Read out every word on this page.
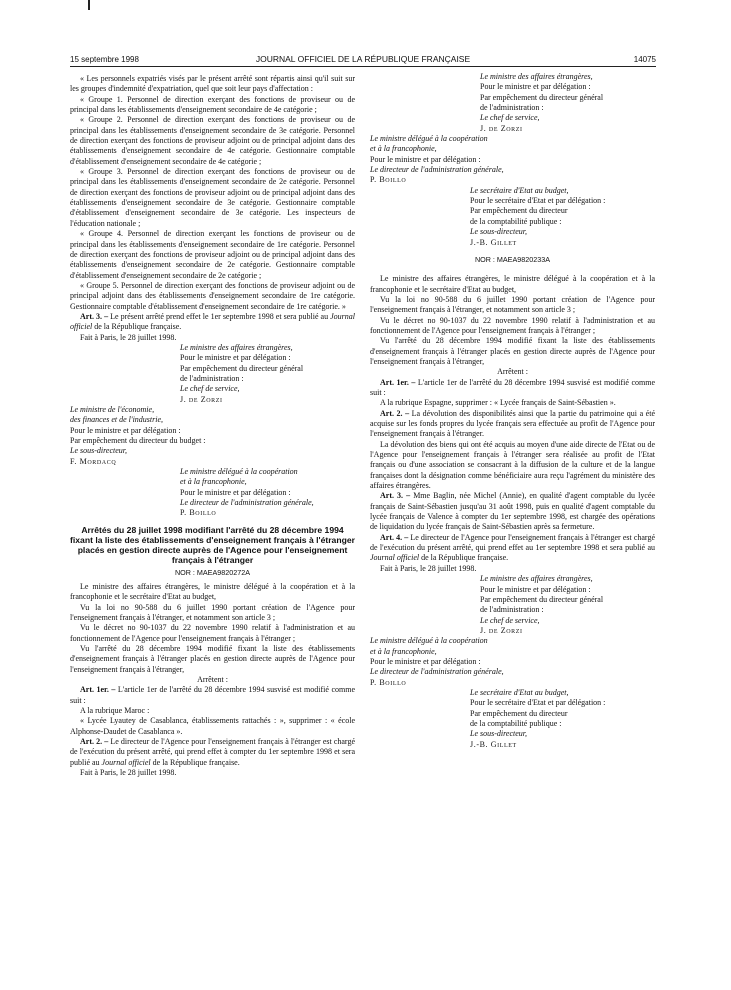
15 septembre 1998	JOURNAL OFFICIEL DE LA RÉPUBLIQUE FRANÇAISE	14075

« Les personnels expatriés visés par le présent arrêté sont répartis ainsi qu'il suit sur les groupes d'indemnité d'expatriation, quel que soit leur pays d'affectation :

« Groupe 1. Personnel de direction exerçant des fonctions de proviseur ou de principal dans les établissements d'enseignement secondaire de 4e catégorie ;

« Groupe 2. Personnel de direction exerçant des fonctions de proviseur ou de principal dans les établissements d'enseignement secondaire de 3e catégorie. Personnel de direction exerçant des fonctions de proviseur adjoint ou de principal adjoint dans des établissements d'enseignement secondaire de 4e catégorie. Gestionnaire comptable d'établissement d'enseignement secondaire de 4e catégorie ;

« Groupe 3. Personnel de direction exerçant des fonctions de proviseur ou de principal dans les établissements d'enseignement secondaire de 2e catégorie. Personnel de direction exerçant des fonctions de proviseur adjoint ou de principal adjoint dans des établissements d'enseignement secondaire de 3e catégorie. Gestionnaire comptable d'établissement d'enseignement secondaire de 3e catégorie. Les inspecteurs de l'éducation nationale ;

« Groupe 4. Personnel de direction exerçant les fonctions de proviseur ou de principal dans les établissements d'enseignement secondaire de 1re catégorie. Personnel de direction exerçant des fonctions de proviseur adjoint ou de principal adjoint dans des établissements d'enseignement secondaire de 2e catégorie. Gestionnaire comptable d'établissement d'enseignement secondaire de 2e catégorie ;

« Groupe 5. Personnel de direction exerçant des fonctions de proviseur adjoint ou de principal adjoint dans des établissements d'enseignement secondaire de 1re catégorie. Gestionnaire comptable d'établissement d'enseignement secondaire de 1re catégorie. »

Art. 3. – Le présent arrêté prend effet le 1er septembre 1998 et sera publié au Journal officiel de la République française.

Fait à Paris, le 28 juillet 1998.

Le ministre des affaires étrangères,

Pour le ministre et par délégation :

Par empêchement du directeur général

de l'administration :

Le chef de service,

J. de Zorzi

Le ministre de l'économie,

des finances et de l'industrie,

Pour le ministre et par délégation :

Par empêchement du directeur du budget :

Le sous-directeur,

F. Mordacq

Le ministre délégué à la coopération

et à la francophonie,

Pour le ministre et par délégation :

Le directeur de l'administration générale,

P. Boillo

Arrêtés du 28 juillet 1998 modifiant l'arrêté du 28 décembre 1994 fixant la liste des établissements d'enseignement français à l'étranger placés en gestion directe auprès de l'Agence pour l'enseignement français à l'étranger

NOR : MAEA9820272A

Le ministre des affaires étrangères, le ministre délégué à la coopération et à la francophonie et le secrétaire d'Etat au budget,

Vu la loi no 90-588 du 6 juillet 1990 portant création de l'Agence pour l'enseignement français à l'étranger, et notamment son article 3 ;

Vu le décret no 90-1037 du 22 novembre 1990 relatif à l'administration et au fonctionnement de l'Agence pour l'enseignement français à l'étranger ;

Vu l'arrêté du 28 décembre 1994 modifié fixant la liste des établissements d'enseignement français à l'étranger placés en gestion directe auprès de l'Agence pour l'enseignement français à l'étranger,

Arrêtent :

Art. 1er. – L'article 1er de l'arrêté du 28 décembre 1994 susvisé est modifié comme suit :

A la rubrique Maroc :

« Lycée Lyautey de Casablanca, établissements rattachés : », supprimer : « école Alphonse-Daudet de Casablanca ».

Art. 2. – Le directeur de l'Agence pour l'enseignement français à l'étranger est chargé de l'exécution du présent arrêté, qui prend effet à compter du 1er septembre 1998 et sera publié au Journal officiel de la République française.

Fait à Paris, le 28 juillet 1998.

Le ministre des affaires étrangères,

Pour le ministre et par délégation :

Par empêchement du directeur général

de l'administration :

Le chef de service,

J. de Zorzi

Le ministre délégué à la coopération

et à la francophonie,

Pour le ministre et par délégation :

Le directeur de l'administration générale,

P. Boillo

Le secrétaire d'Etat au budget,

Pour le secrétaire d'Etat et par délégation :

Par empêchement du directeur

de la comptabilité publique :

Le sous-directeur,

J.-B. Gillet

NOR : MAEA9820233A

Le ministre des affaires étrangères, le ministre délégué à la coopération et à la francophonie et le secrétaire d'Etat au budget,

Vu la loi no 90-588 du 6 juillet 1990 portant création de l'Agence pour l'enseignement français à l'étranger, et notamment son article 3 ;

Vu le décret no 90-1037 du 22 novembre 1990 relatif à l'administration et au fonctionnement de l'Agence pour l'enseignement français à l'étranger ;

Vu l'arrêté du 28 décembre 1994 modifié fixant la liste des établissements d'enseignement français à l'étranger placés en gestion directe auprès de l'Agence pour l'enseignement français à l'étranger,

Arrêtent :

Art. 1er. – L'article 1er de l'arrêté du 28 décembre 1994 susvisé est modifié comme suit :

A la rubrique Espagne, supprimer : « Lycée français de Saint-Sébastien ».

Art. 2. – La dévolution des disponibilités ainsi que la partie du patrimoine qui a été acquise sur les fonds propres du lycée français sera effectuée au profit de l'Agence pour l'enseignement français à l'étranger.

La dévolution des biens qui ont été acquis au moyen d'une aide directe de l'Etat ou de l'Agence pour l'enseignement français à l'étranger sera réalisée au profit de l'Etat français ou d'une association se consacrant à la diffusion de la culture et de la langue françaises dont la désignation comme bénéficiaire aura reçu l'agrément du ministère des affaires étrangères.

Art. 3. – Mme Baglin, née Michel (Annie), en qualité d'agent comptable du lycée français de Saint-Sébastien jusqu'au 31 août 1998, puis en qualité d'agent comptable du lycée français de Valence à compter du 1er septembre 1998, est chargée des opérations de liquidation du lycée français de Saint-Sébastien après sa fermeture.

Art. 4. – Le directeur de l'Agence pour l'enseignement français à l'étranger est chargé de l'exécution du présent arrêté, qui prend effet au 1er septembre 1998 et sera publié au Journal officiel de la République française.

Fait à Paris, le 28 juillet 1998.

Le ministre des affaires étrangères,

Pour le ministre et par délégation :

Par empêchement du directeur général

de l'administration :

Le chef de service,

J. de Zorzi

Le ministre délégué à la coopération

et à la francophonie,

Pour le ministre et par délégation :

Le directeur de l'administration générale,

P. Boillo

Le secrétaire d'Etat au budget,

Pour le secrétaire d'Etat et par délégation :

Par empêchement du directeur

de la comptabilité publique :

Le sous-directeur,

J.-B. Gillet
